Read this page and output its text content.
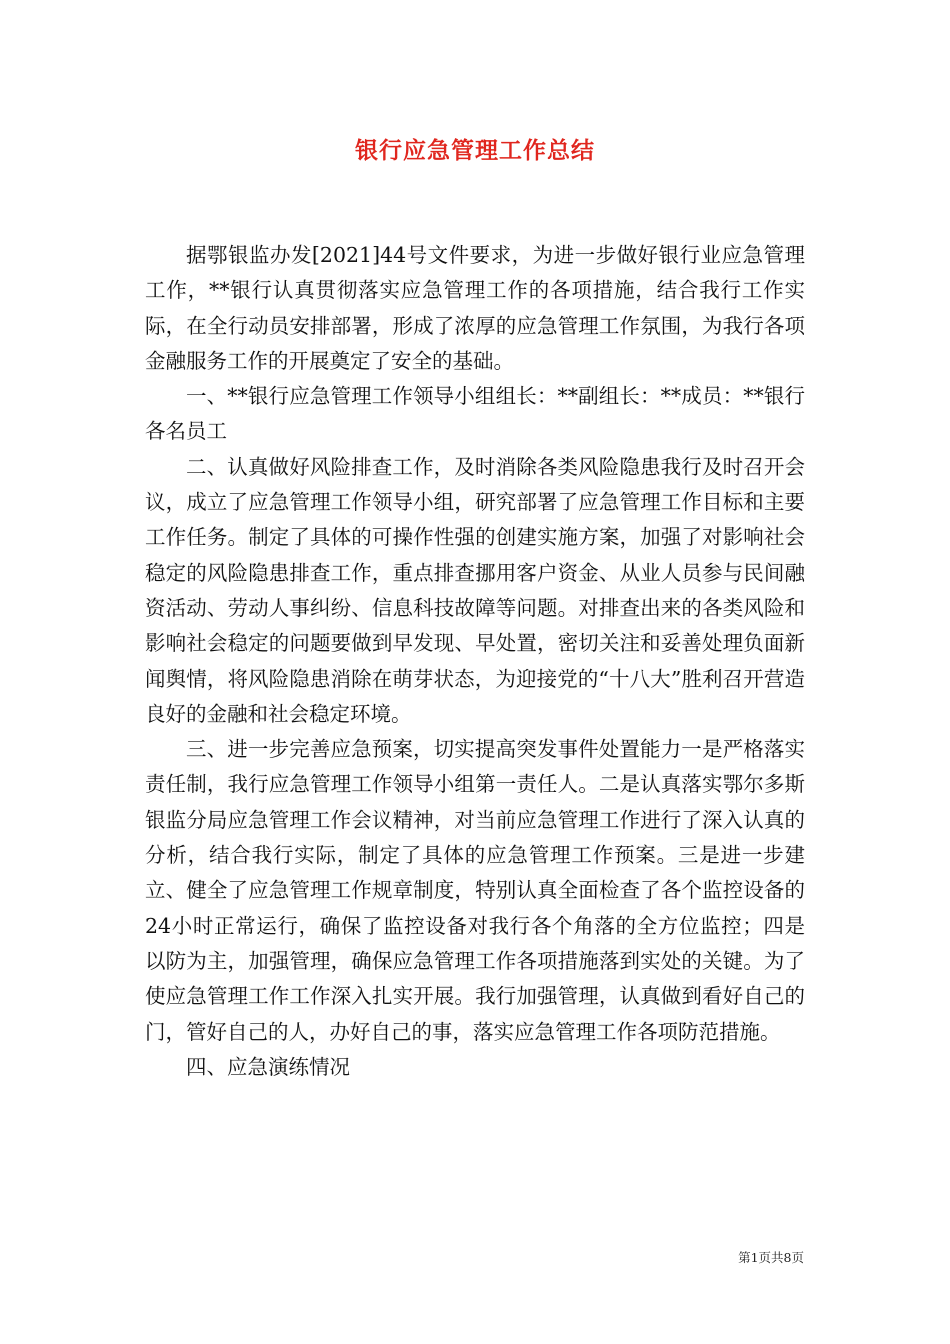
银行应急管理工作总结

据鄂银监办发[2021]44号文件要求，为进一步做好银行业应急管理工作，**银行认真贯彻落实应急管理工作的各项措施，结合我行工作实际，在全行动员安排部署，形成了浓厚的应急管理工作氛围，为我行各项金融服务工作的开展奠定了安全的基础。

一、**银行应急管理工作领导小组组长：**副组长：**成员：**银行各名员工

二、认真做好风险排查工作，及时消除各类风险隐患我行及时召开会议，成立了应急管理工作领导小组，研究部署了应急管理工作目标和主要工作任务。制定了具体的可操作性强的创建实施方案，加强了对影响社会稳定的风险隐患排查工作，重点排查挪用客户资金、从业人员参与民间融资活动、劳动人事纠纷、信息科技故障等问题。对排查出来的各类风险和影响社会稳定的问题要做到早发现、早处置，密切关注和妥善处理负面新闻舆情，将风险隐患消除在萌芽状态，为迎接党的“十八大”胜利召开营造良好的金融和社会稳定环境。

三、进一步完善应急预案，切实提高突发事件处置能力一是严格落实责任制，我行应急管理工作领导小组第一责任人。二是认真落实鄂尔多斯银监分局应急管理工作会议精神，对当前应急管理工作进行了深入认真的分析，结合我行实际，制定了具体的应急管理工作预案。三是进一步建立、健全了应急管理工作规章制度，特别认真全面检查了各个监控设备的24小时正常运行，确保了监控设备对我行各个角落的全方位监控；四是以防为主，加强管理，确保应急管理工作各项措施落到实处的关键。为了使应急管理工作工作深入扎实开展。我行加强管理，认真做到看好自己的门，管好自己的人，办好自己的事，落实应急管理工作各项防范措施。

四、应急演练情况

第1页共8页
